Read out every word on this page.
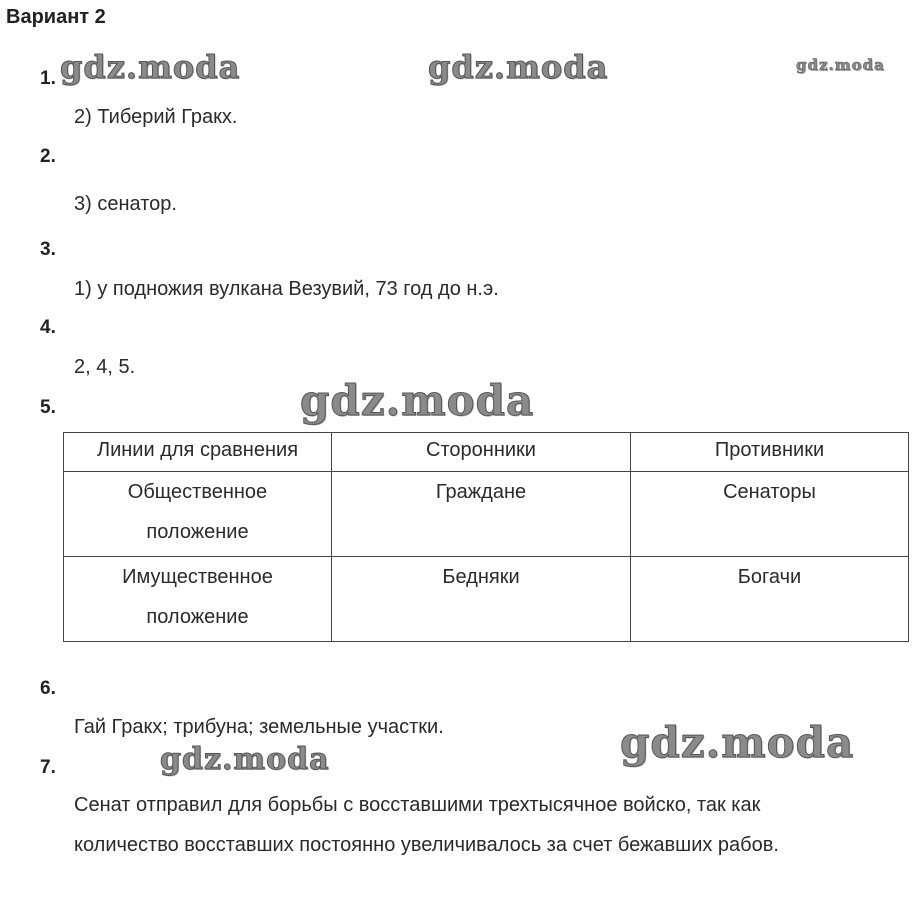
Вариант 2
gdz.moda	gdz.moda	gdz.moda
gdz.moda
gdz.moda
gdz.moda
1.
2) Тиберий Гракх.
2.
3) сенатор.
3.
1) у подножия вулкана Везувий, 73 год до н.э.
4.
2, 4, 5.
5.
Линии для сравнения	Сторонники	Противники
Общественное
положение	Граждане	Сенаторы
Имущественное
положение	Бедняки	Богачи
6.
Гай Гракх; трибуна; земельные участки.
7.
Сенат отправил для борьбы с восставшими трехтысячное войско, так как
количество восставших постоянно увеличивалось за счет бежавших рабов.
